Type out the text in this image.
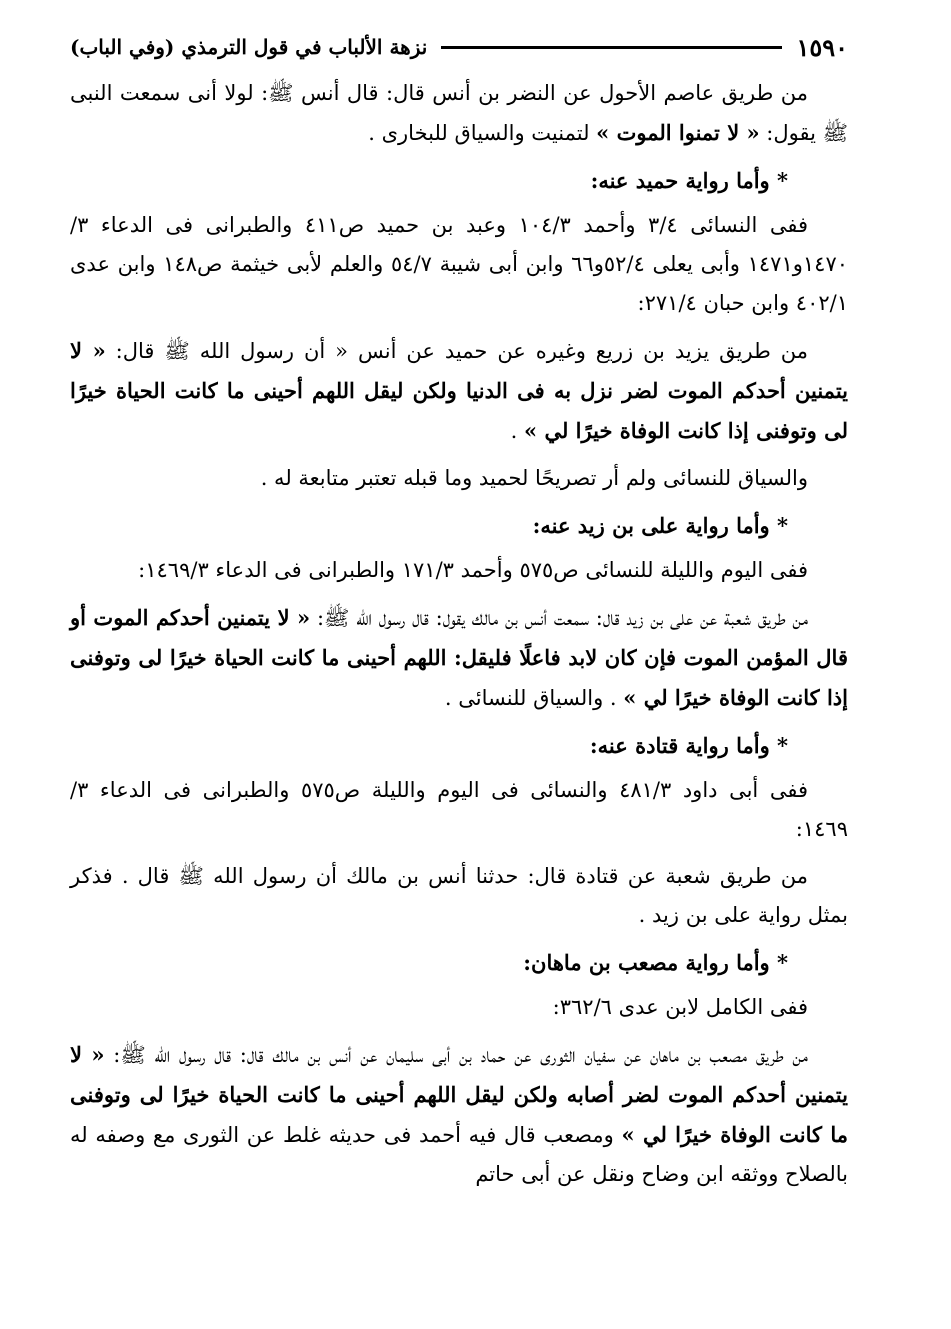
١٥٩٠
نزهة الألباب في قول الترمذي (وفي الباب)

من طريق عاصم الأحول عن النضر بن أنس قال: قال أنس ﷺ: لولا أنى سمعت النبى ﷺ يقول: « لا تمنوا الموت » لتمنيت والسياق للبخارى .

* وأما رواية حميد عنه:

ففى النسائى ٣/٤ وأحمد ١٠٤/٣ وعبد بن حميد ص٤١١ والطبرانى فى الدعاء ٣/ ١٤٧٠و١٤٧١ وأبى يعلى ٥٢/٤و٦٦ وابن أبى شيبة ٥٤/٧ والعلم لأبى خيثمة ص١٤٨ وابن عدى ٤٠٢/١ وابن حبان ٢٧١/٤:

من طريق يزيد بن زريع وغيره عن حميد عن أنس « أن رسول الله ﷺ قال: « لا يتمنين أحدكم الموت لضر نزل به فى الدنيا ولكن ليقل اللهم أحينى ما كانت الحياة خيرًا لى وتوفنى إذا كانت الوفاة خيرًا لي » .

والسياق للنسائى ولم أر تصريحًا لحميد وما قبله تعتبر متابعة له .

* وأما رواية على بن زيد عنه:

ففى اليوم والليلة للنسائى ص٥٧٥ وأحمد ١٧١/٣ والطبرانى فى الدعاء ١٤٦٩/٣:

من طريق شعبة عن على بن زيد قال: سمعت أنس بن مالك يقول: قال رسول الله ﷺ: « لا يتمنين أحدكم الموت أو قال المؤمن الموت فإن كان لابد فاعلًا فليقل: اللهم أحينى ما كانت الحياة خيرًا لى وتوفنى إذا كانت الوفاة خيرًا لي » . والسياق للنسائى .

* وأما رواية قتادة عنه:

ففى أبى داود ٤٨١/٣ والنسائى فى اليوم والليلة ص٥٧٥ والطبرانى فى الدعاء ٣/ ١٤٦٩:

من طريق شعبة عن قتادة قال: حدثنا أنس بن مالك أن رسول الله ﷺ قال . فذكر بمثل رواية على بن زيد .

* وأما رواية مصعب بن ماهان:

ففى الكامل لابن عدى ٣٦٢/٦:

من طريق مصعب بن ماهان عن سفيان الثورى عن حماد بن أبى سليمان عن أنس بن مالك قال: قال رسول الله ﷺ: « لا يتمنين أحدكم الموت لضر أصابه ولكن ليقل اللهم أحينى ما كانت الحياة خيرًا لى وتوفنى ما كانت الوفاة خيرًا لي » ومصعب قال فيه أحمد فى حديثه غلط عن الثورى مع وصفه له بالصلاح ووثقه ابن وضاح ونقل عن أبى حاتم
